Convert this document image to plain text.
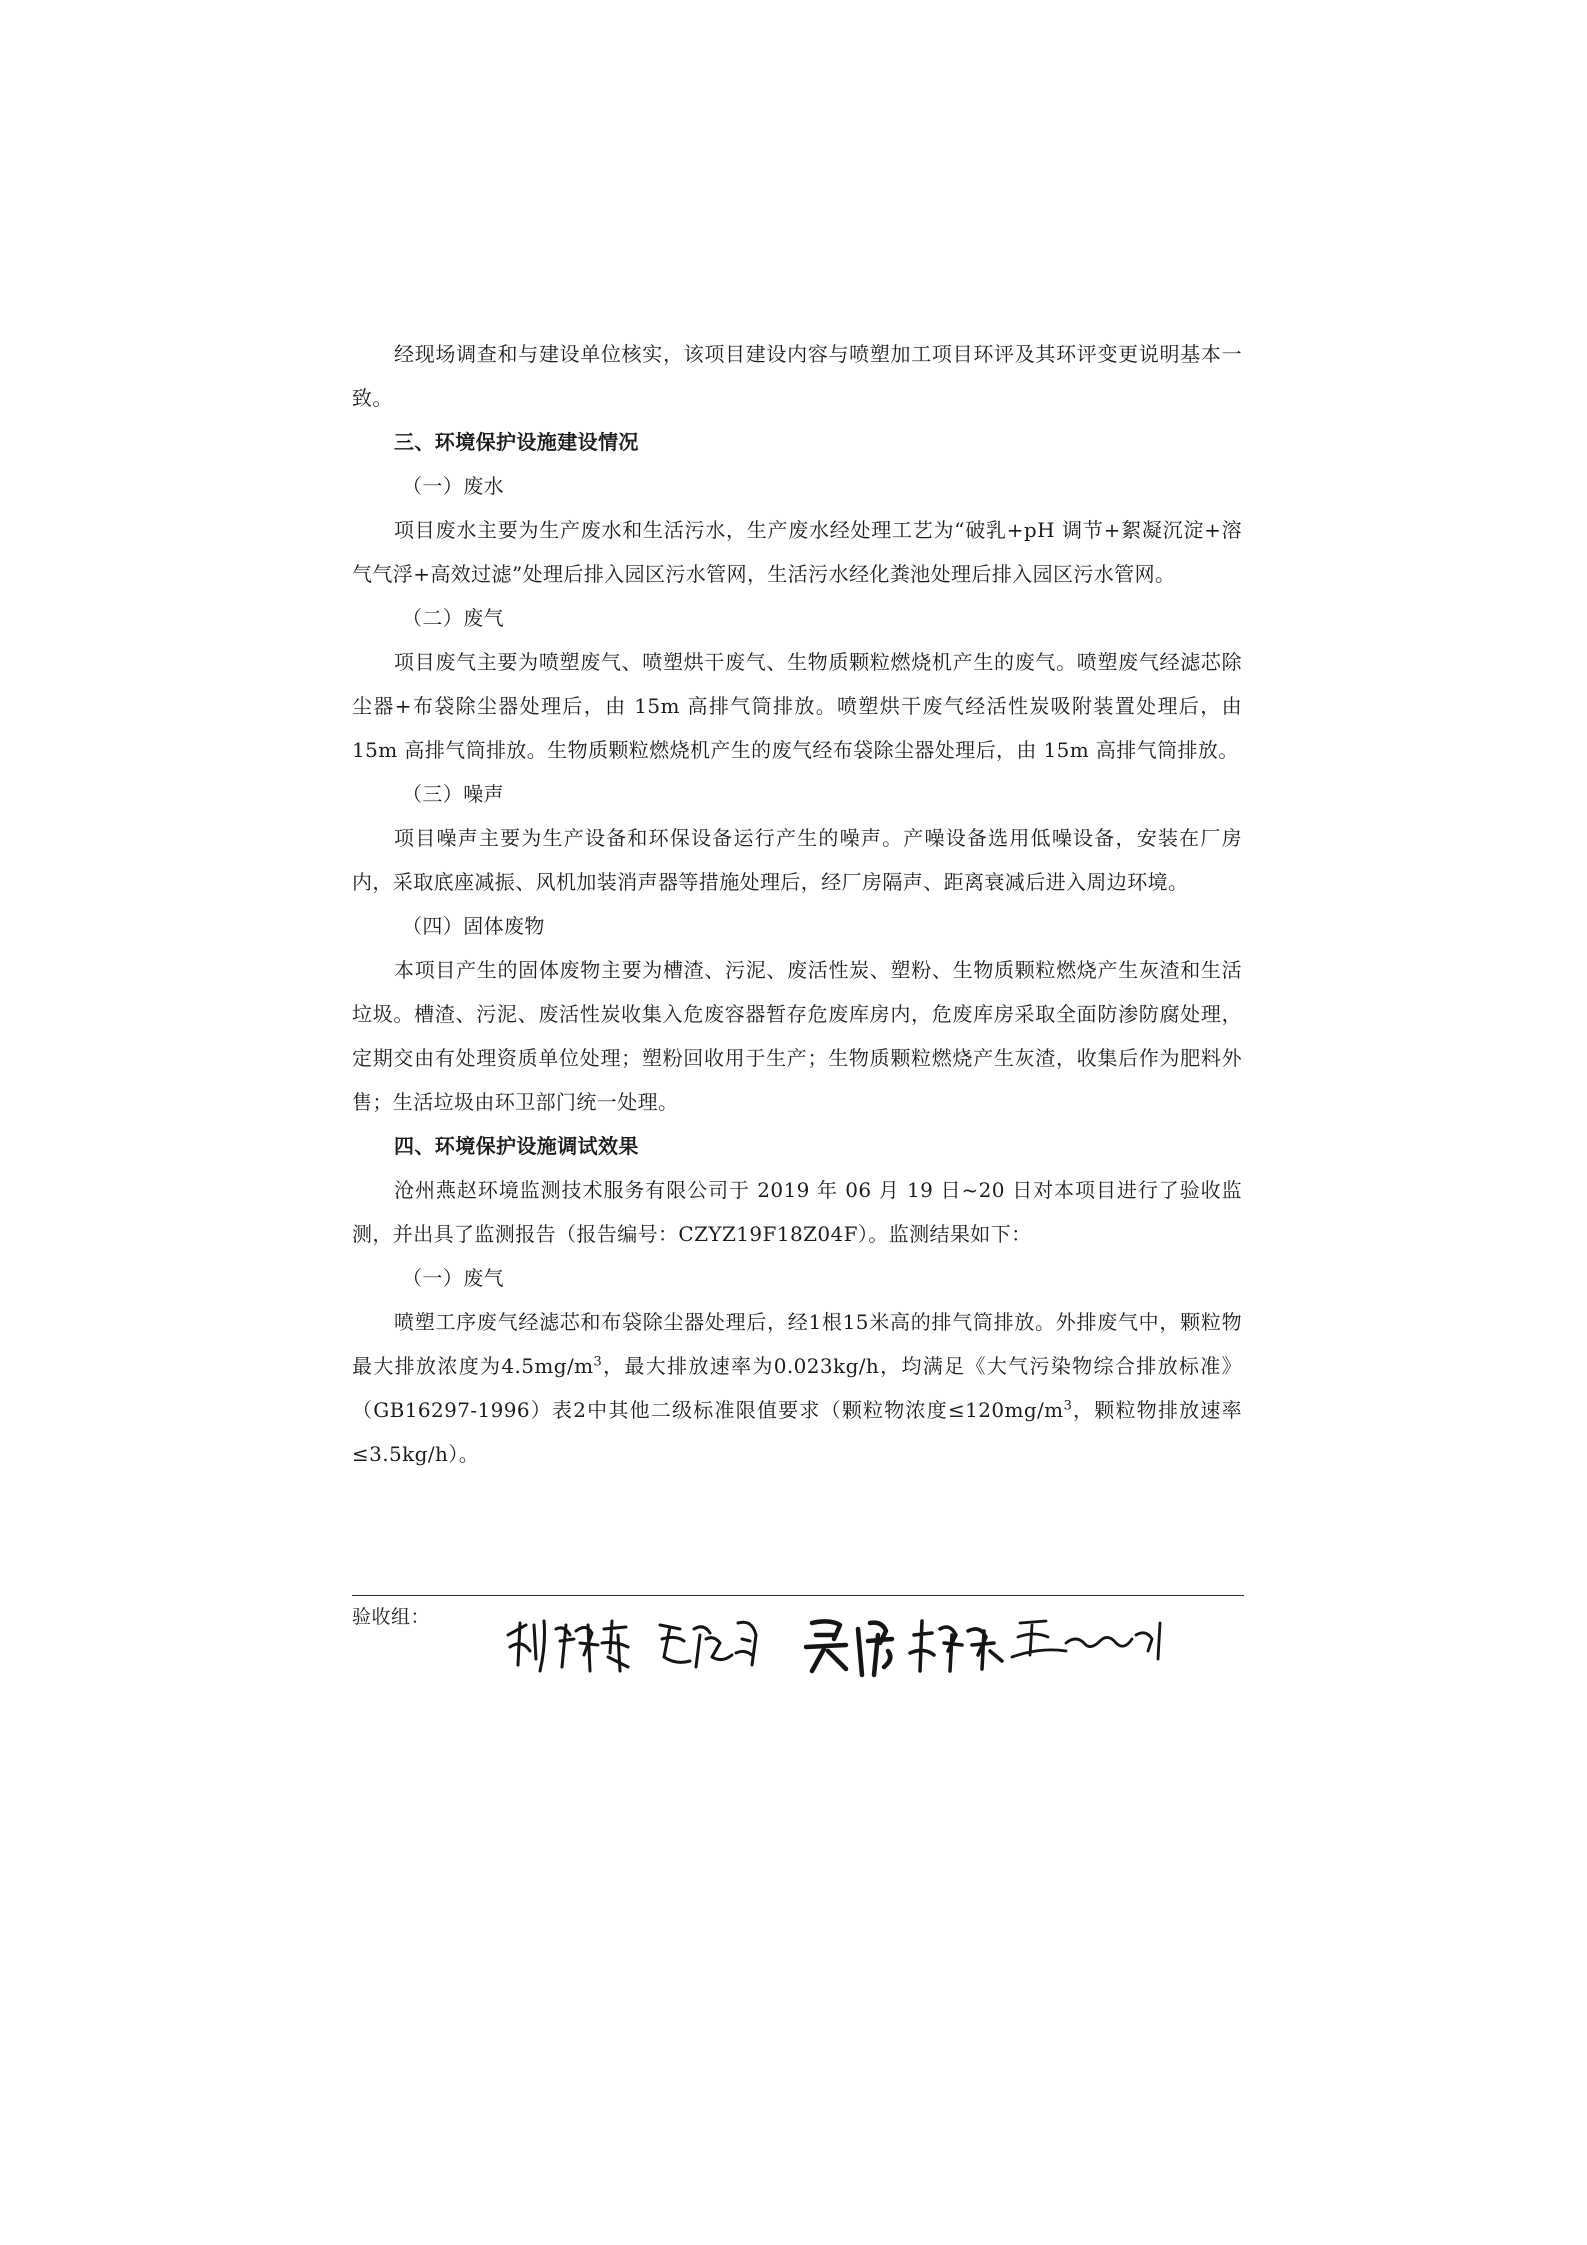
经现场调查和与建设单位核实，该项目建设内容与喷塑加工项目环评及其环评变更说明基本一致。

三、环境保护设施建设情况

（一）废水

项目废水主要为生产废水和生活污水，生产废水经处理工艺为“破乳+pH 调节+絮凝沉淀+溶气气浮+高效过滤”处理后排入园区污水管网，生活污水经化粪池处理后排入园区污水管网。

（二）废气

项目废气主要为喷塑废气、喷塑烘干废气、生物质颗粒燃烧机产生的废气。喷塑废气经滤芯除尘器+布袋除尘器处理后，由 15m 高排气筒排放。喷塑烘干废气经活性炭吸附装置处理后，由 15m 高排气筒排放。生物质颗粒燃烧机产生的废气经布袋除尘器处理后，由 15m 高排气筒排放。

（三）噪声

项目噪声主要为生产设备和环保设备运行产生的噪声。产噪设备选用低噪设备，安装在厂房内，采取底座减振、风机加装消声器等措施处理后，经厂房隔声、距离衰减后进入周边环境。

（四）固体废物

本项目产生的固体废物主要为槽渣、污泥、废活性炭、塑粉、生物质颗粒燃烧产生灰渣和生活垃圾。槽渣、污泥、废活性炭收集入危废容器暂存危废库房内，危废库房采取全面防渗防腐处理，定期交由有处理资质单位处理；塑粉回收用于生产；生物质颗粒燃烧产生灰渣，收集后作为肥料外售；生活垃圾由环卫部门统一处理。

四、环境保护设施调试效果

沧州燕赵环境监测技术服务有限公司于 2019 年 06 月 19 日~20 日对本项目进行了验收监测，并出具了监测报告（报告编号：CZYZ19F18Z04F）。监测结果如下：

（一）废气

喷塑工序废气经滤芯和布袋除尘器处理后，经1根15米高的排气筒排放。外排废气中，颗粒物最大排放浓度为$4.5mg/m^3$，最大排放速率为0.023kg/h，均满足《大气污染物综合排放标准》（GB16297-1996）表2中其他二级标准限值要求（颗粒物浓度$\le 120mg/m^3$，颗粒物排放速率≤3.5kg/h）。

验收组：
